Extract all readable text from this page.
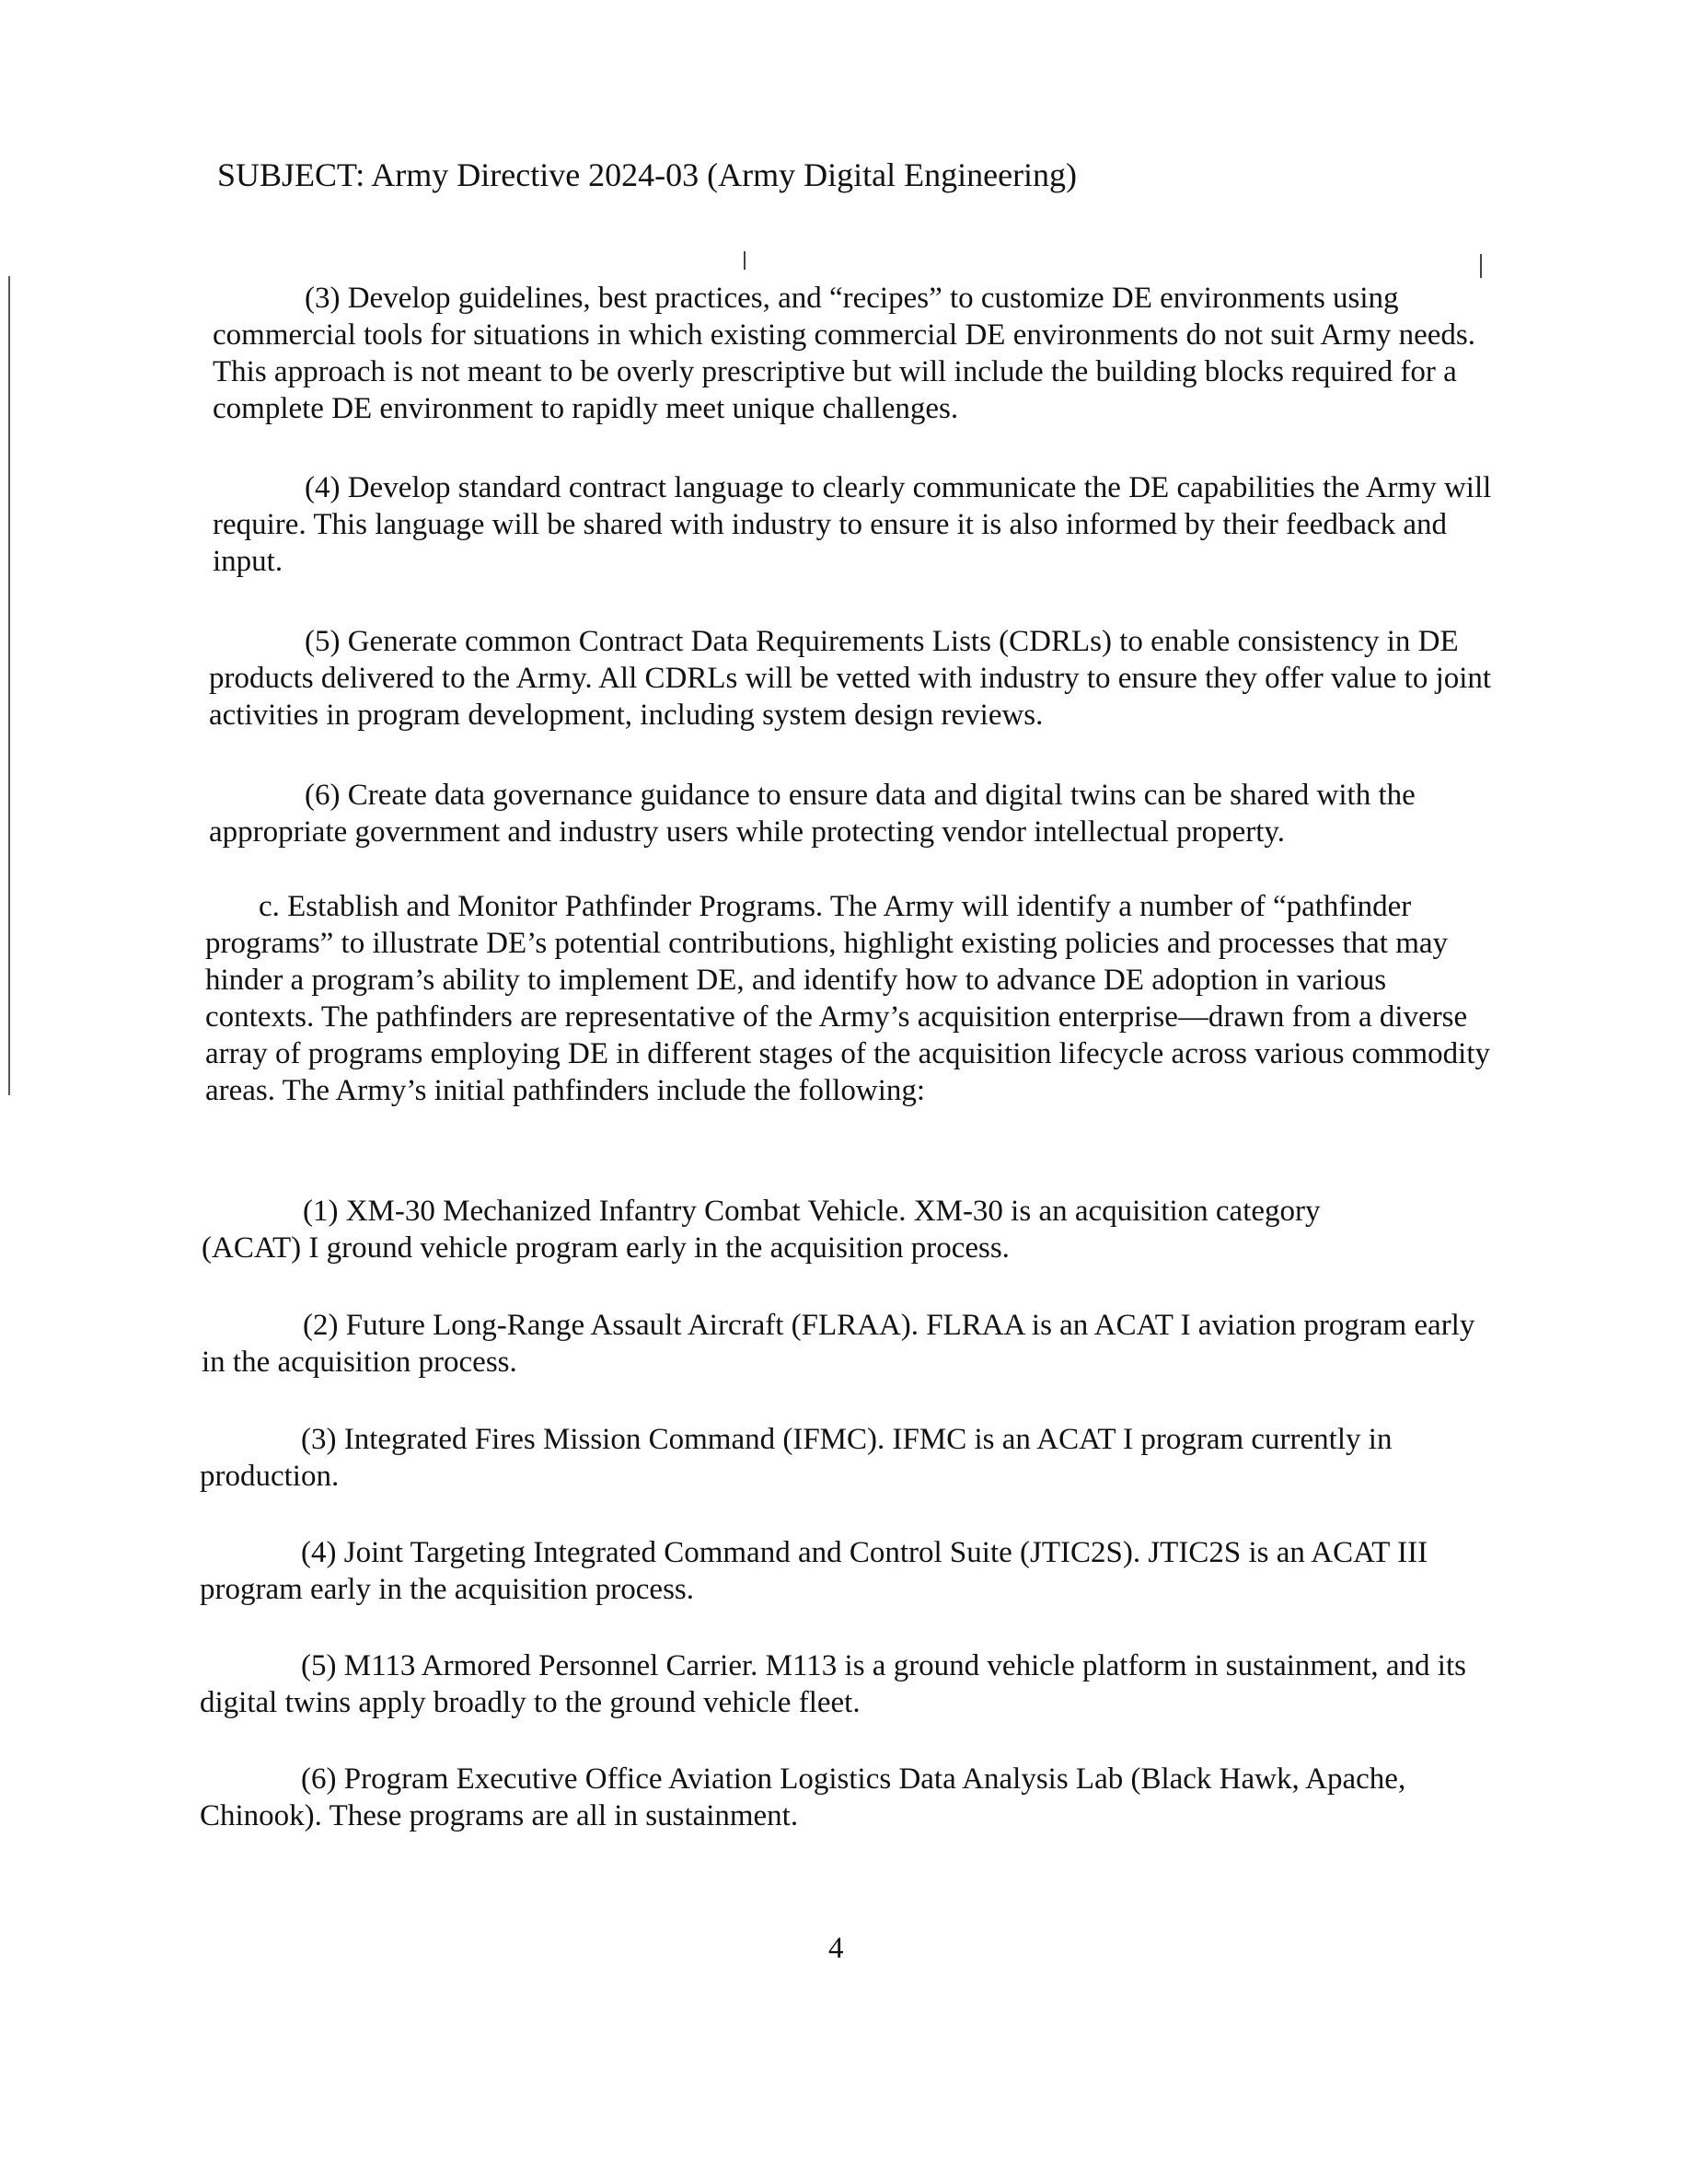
SUBJECT: Army Directive 2024-03 (Army Digital Engineering)

(3) Develop guidelines, best practices, and “recipes” to customize DE environments using commercial tools for situations in which existing commercial DE environments do not suit Army needs. This approach is not meant to be overly prescriptive but will include the building blocks required for a complete DE environment to rapidly meet unique challenges.

(4) Develop standard contract language to clearly communicate the DE capabilities the Army will require. This language will be shared with industry to ensure it is also informed by their feedback and input.

(5) Generate common Contract Data Requirements Lists (CDRLs) to enable consistency in DE products delivered to the Army. All CDRLs will be vetted with industry to ensure they offer value to joint activities in program development, including system design reviews.

(6) Create data governance guidance to ensure data and digital twins can be shared with the appropriate government and industry users while protecting vendor intellectual property.

c. Establish and Monitor Pathfinder Programs. The Army will identify a number of “pathfinder programs” to illustrate DE’s potential contributions, highlight existing policies and processes that may hinder a program’s ability to implement DE, and identify how to advance DE adoption in various contexts. The pathfinders are representative of the Army’s acquisition enterprise—drawn from a diverse array of programs employing DE in different stages of the acquisition lifecycle across various commodity areas. The Army’s initial pathfinders include the following:

(1) XM-30 Mechanized Infantry Combat Vehicle. XM-30 is an acquisition category (ACAT) I ground vehicle program early in the acquisition process.

(2) Future Long-Range Assault Aircraft (FLRAA). FLRAA is an ACAT I aviation program early in the acquisition process.

(3) Integrated Fires Mission Command (IFMC). IFMC is an ACAT I program currently in production.

(4) Joint Targeting Integrated Command and Control Suite (JTIC2S). JTIC2S is an ACAT III program early in the acquisition process.

(5) M113 Armored Personnel Carrier. M113 is a ground vehicle platform in sustainment, and its digital twins apply broadly to the ground vehicle fleet.

(6) Program Executive Office Aviation Logistics Data Analysis Lab (Black Hawk, Apache, Chinook). These programs are all in sustainment.

4
